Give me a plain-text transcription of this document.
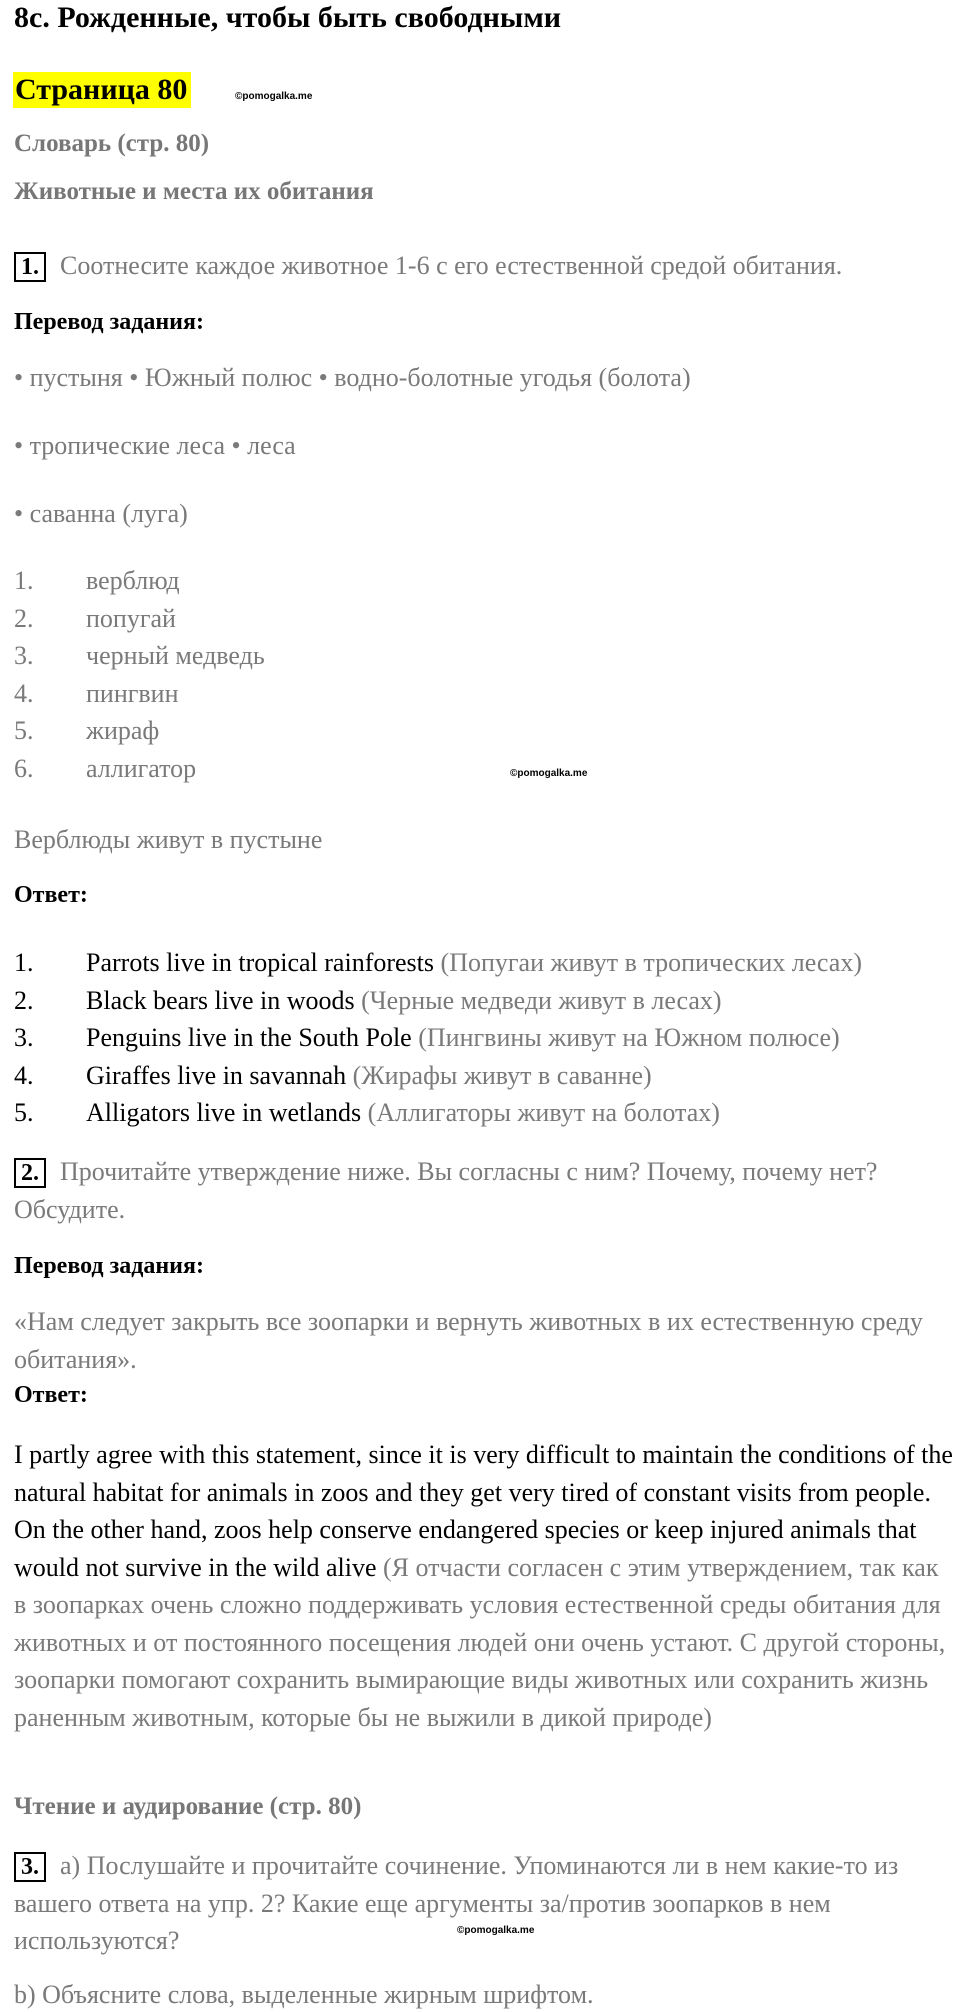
8c. Рожденные, чтобы быть свободными
Страница 80	©pomogalka.me
Словарь (стр. 80)
Животные и места их обитания
1. Соотнесите каждое животное 1-6 с его естественной средой обитания.
Перевод задания:
• пустыня • Южный полюс • водно-болотные угодья (болота)
• тропические леса • леса
• саванна (луга)
1.	верблюд
2.	попугай
3.	черный медведь
4.	пингвин
5.	жираф
6.	аллигатор	©pomogalka.me
Верблюды живут в пустыне
Ответ:
1.	Parrots live in tropical rainforests (Попугаи живут в тропических лесах)
2.	Black bears live in woods (Черные медведи живут в лесах)
3.	Penguins live in the South Pole (Пингвины живут на Южном полюсе)
4.	Giraffes live in savannah (Жирафы живут в саванне)
5.	Alligators live in wetlands (Аллигаторы живут на болотах)
2. Прочитайте утверждение ниже. Вы согласны с ним? Почему, почему нет? Обсудите.
Перевод задания:
«Нам следует закрыть все зоопарки и вернуть животных в их естественную среду обитания».
Ответ:
I partly agree with this statement, since it is very difficult to maintain the conditions of the natural habitat for animals in zoos and they get very tired of constant visits from people. On the other hand, zoos help conserve endangered species or keep injured animals that would not survive in the wild alive (Я отчасти согласен с этим утверждением, так как в зоопарках очень сложно поддерживать условия естественной среды обитания для животных и от постоянного посещения людей они очень устают. С другой стороны, зоопарки помогают сохранить вымирающие виды животных или сохранить жизнь раненным животным, которые бы не выжили в дикой природе)
Чтение и аудирование (стр. 80)
3. a) Послушайте и прочитайте сочинение. Упоминаются ли в нем какие-то из вашего ответа на упр. 2? Какие еще аргументы за/против зоопарков в нем используются?	©pomogalka.me
b) Объясните слова, выделенные жирным шрифтом.
